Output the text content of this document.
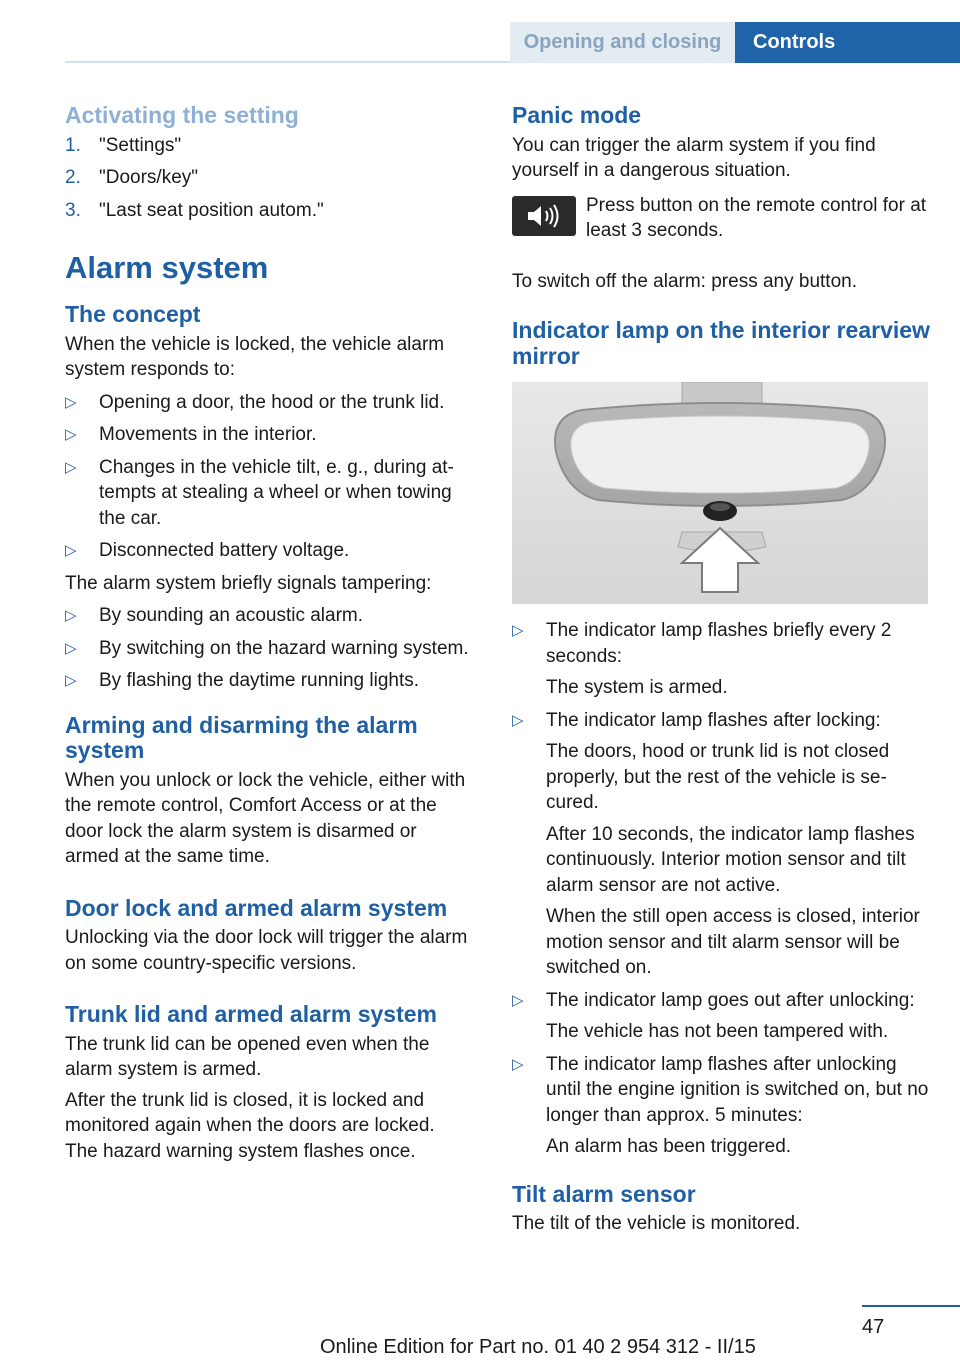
Opening and closing	Controls
Activating the setting
1. "Settings"
2. "Doors/key"
3. "Last seat position autom."
Alarm system
The concept

When the vehicle is locked, the vehicle alarm system responds to:

▷	Opening a door, the hood or the trunk lid.
▷	Movements in the interior.
▷	Changes in the vehicle tilt, e. g., during attempts at stealing a wheel or when towing the car.
▷	Disconnected battery voltage.

The alarm system briefly signals tampering:

▷	By sounding an acoustic alarm.
▷	By switching on the hazard warning system.
▷	By flashing the daytime running lights.
Arming and disarming the alarm system

When you unlock or lock the vehicle, either with the remote control, Comfort Access or at the door lock the alarm system is disarmed or armed at the same time.

Door lock and armed alarm system

Unlocking via the door lock will trigger the alarm on some country-specific versions.

Trunk lid and armed alarm system

The trunk lid can be opened even when the alarm system is armed.

After the trunk lid is closed, it is locked and monitored again when the doors are locked. The hazard warning system flashes once.

Panic mode

You can trigger the alarm system if you find yourself in a dangerous situation.

Press button on the remote control for at least 3 seconds.

To switch off the alarm: press any button.

Indicator lamp on the interior rearview mirror
▷	The indicator lamp flashes briefly every 2 seconds:
The system is armed.
▷	The indicator lamp flashes after locking:
The doors, hood or trunk lid is not closed properly, but the rest of the vehicle is secured.
After 10 seconds, the indicator lamp flashes continuously. Interior motion sensor and tilt alarm sensor are not active.
When the still open access is closed, interior motion sensor and tilt alarm sensor will be switched on.
▷	The indicator lamp goes out after unlocking:
The vehicle has not been tampered with.
▷	The indicator lamp flashes after unlocking until the engine ignition is switched on, but no longer than approx. 5 minutes:
An alarm has been triggered.
Tilt alarm sensor

The tilt of the vehicle is monitored.

47
Online Edition for Part no. 01 40 2 954 312 - II/15
